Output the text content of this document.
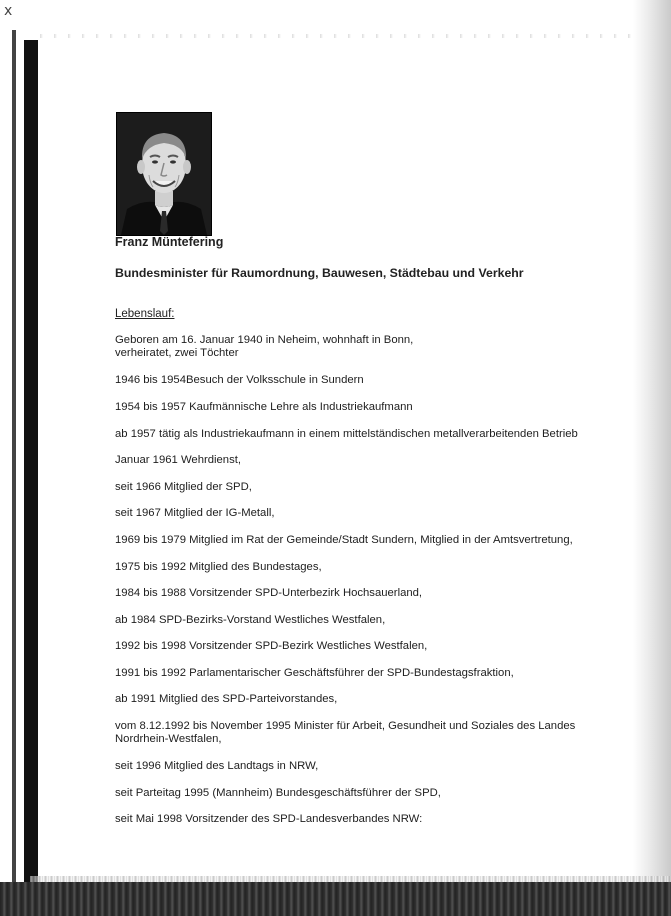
ⅹ
Franz Müntefering
Bundesminister für Raumordnung, Bauwesen, Städtebau und Verkehr
Lebenslauf:
Geboren am 16. Januar 1940 in Neheim, wohnhaft in Bonn,
verheiratet, zwei Töchter
1946 bis 1954Besuch der Volksschule in Sundern
1954 bis 1957 Kaufmännische Lehre als Industriekaufmann
ab 1957 tätig als Industriekaufmann in einem mittelständischen metallverarbeitenden Betrieb
Januar 1961 Wehrdienst,
seit 1966 Mitglied der SPD,
seit 1967 Mitglied der IG-Metall,
1969 bis 1979 Mitglied im Rat der Gemeinde/Stadt Sundern, Mitglied in der Amtsvertretung,
1975 bis 1992 Mitglied des Bundestages,
1984 bis 1988 Vorsitzender SPD-Unterbezirk Hochsauerland,
ab 1984 SPD-Bezirks-Vorstand Westliches Westfalen,
1992 bis 1998 Vorsitzender SPD-Bezirk Westliches Westfalen,
1991 bis 1992 Parlamentarischer Geschäftsführer der SPD-Bundestagsfraktion,
ab 1991 Mitglied des SPD-Parteivorstandes,
vom 8.12.1992 bis November 1995 Minister für Arbeit, Gesundheit und Soziales des Landes
Nordrhein-Westfalen,
seit 1996 Mitglied des Landtags in NRW,
seit Parteitag 1995 (Mannheim) Bundesgeschäftsführer der SPD,
seit Mai 1998 Vorsitzender des SPD-Landesverbandes NRW:
